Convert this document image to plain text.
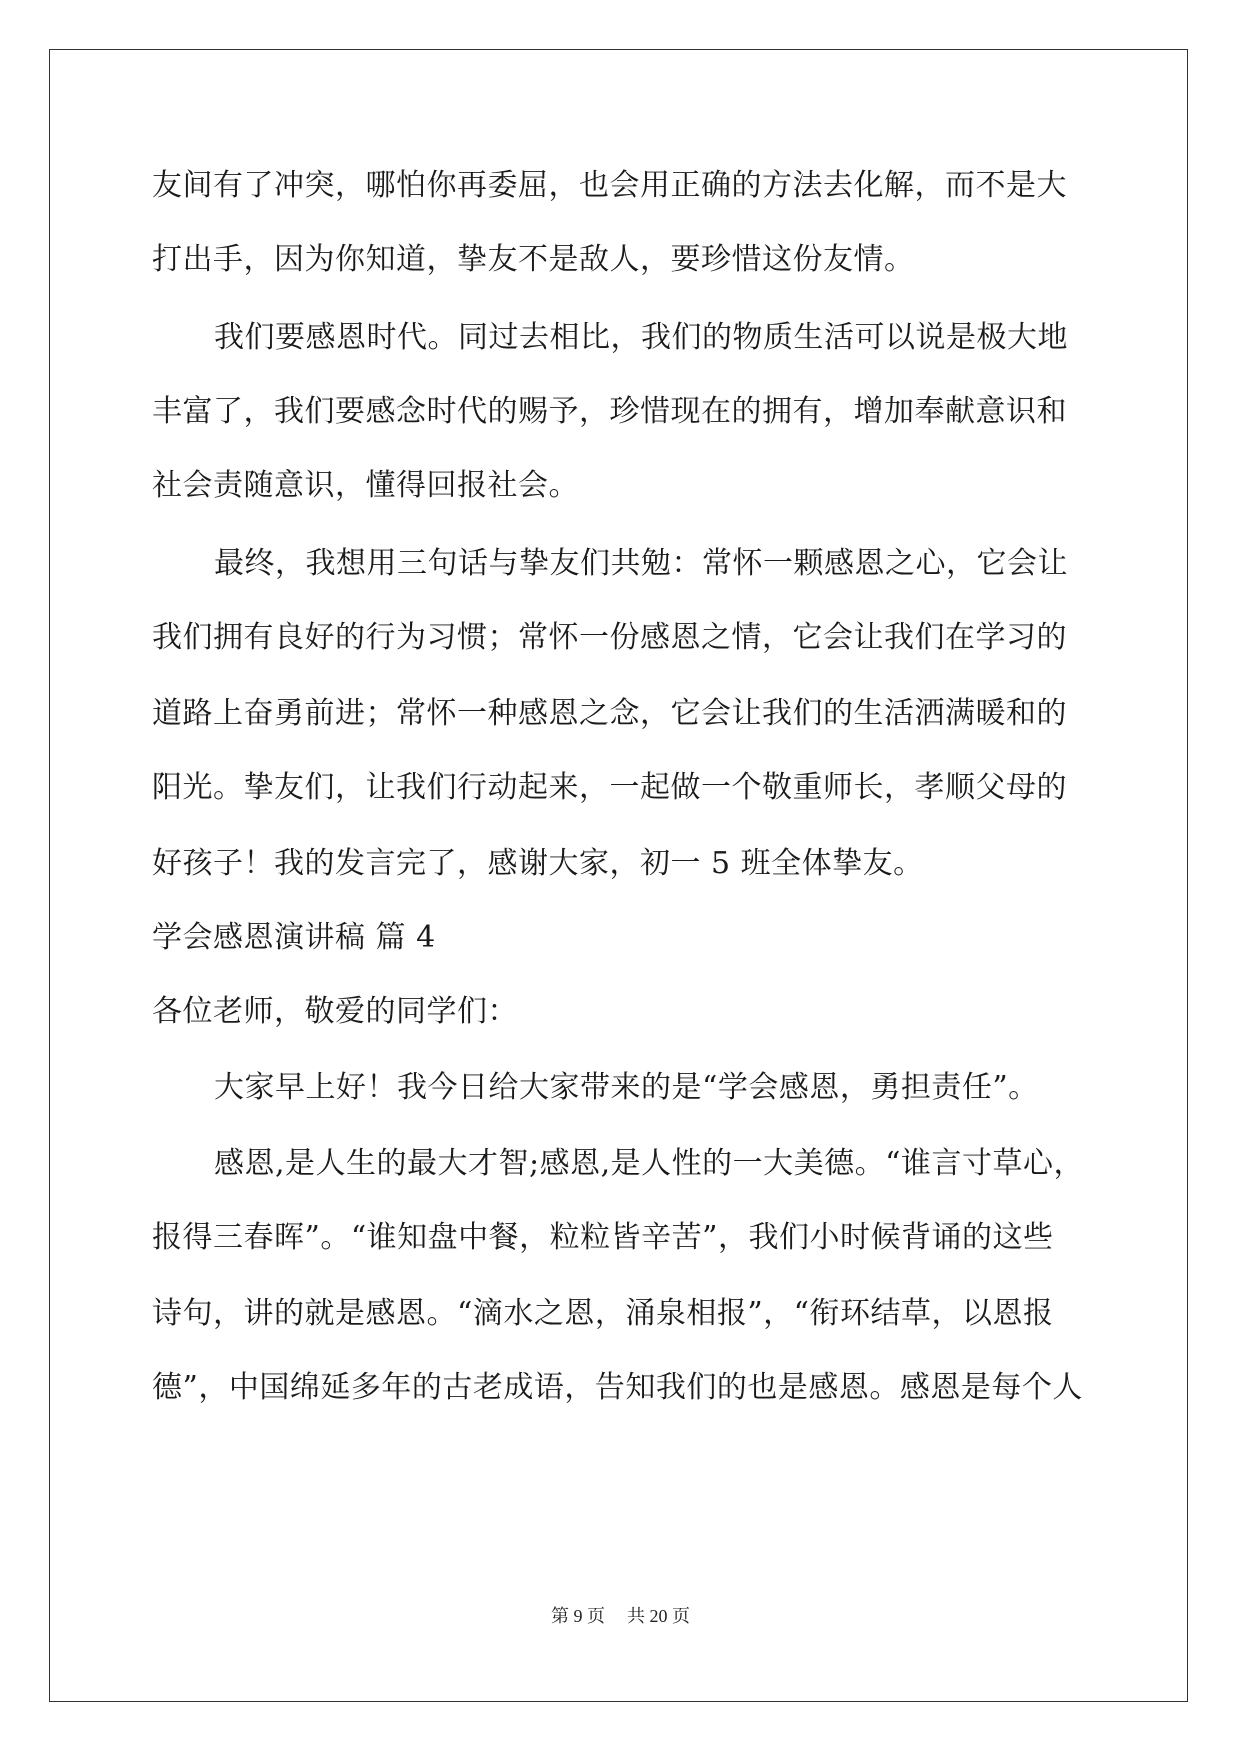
友间有了冲突，哪怕你再委屈，也会用正确的方法去化解，而不是大
打出手，因为你知道，挚友不是敌人，要珍惜这份友情。
我们要感恩时代。同过去相比，我们的物质生活可以说是极大地
丰富了，我们要感念时代的赐予，珍惜现在的拥有，增加奉献意识和
社会责随意识，懂得回报社会。
最终，我想用三句话与挚友们共勉：常怀一颗感恩之心，它会让
我们拥有良好的行为习惯；常怀一份感恩之情，它会让我们在学习的
道路上奋勇前进；常怀一种感恩之念，它会让我们的生活洒满暖和的
阳光。挚友们，让我们行动起来，一起做一个敬重师长，孝顺父母的
好孩子！我的发言完了，感谢大家，初一 5 班全体挚友。
学会感恩演讲稿 篇 4
各位老师，敬爱的同学们：
大家早上好！我今日给大家带来的是“学会感恩，勇担责任”。
感恩,是人生的最大才智;感恩,是人性的一大美德。“谁言寸草心，
报得三春晖”。“谁知盘中餐，粒粒皆辛苦”，我们小时候背诵的这些
诗句，讲的就是感恩。“滴水之恩，涌泉相报”，“衔环结草，以恩报
德”，中国绵延多年的古老成语，告知我们的也是感恩。感恩是每个人
第 9 页 共 20 页
